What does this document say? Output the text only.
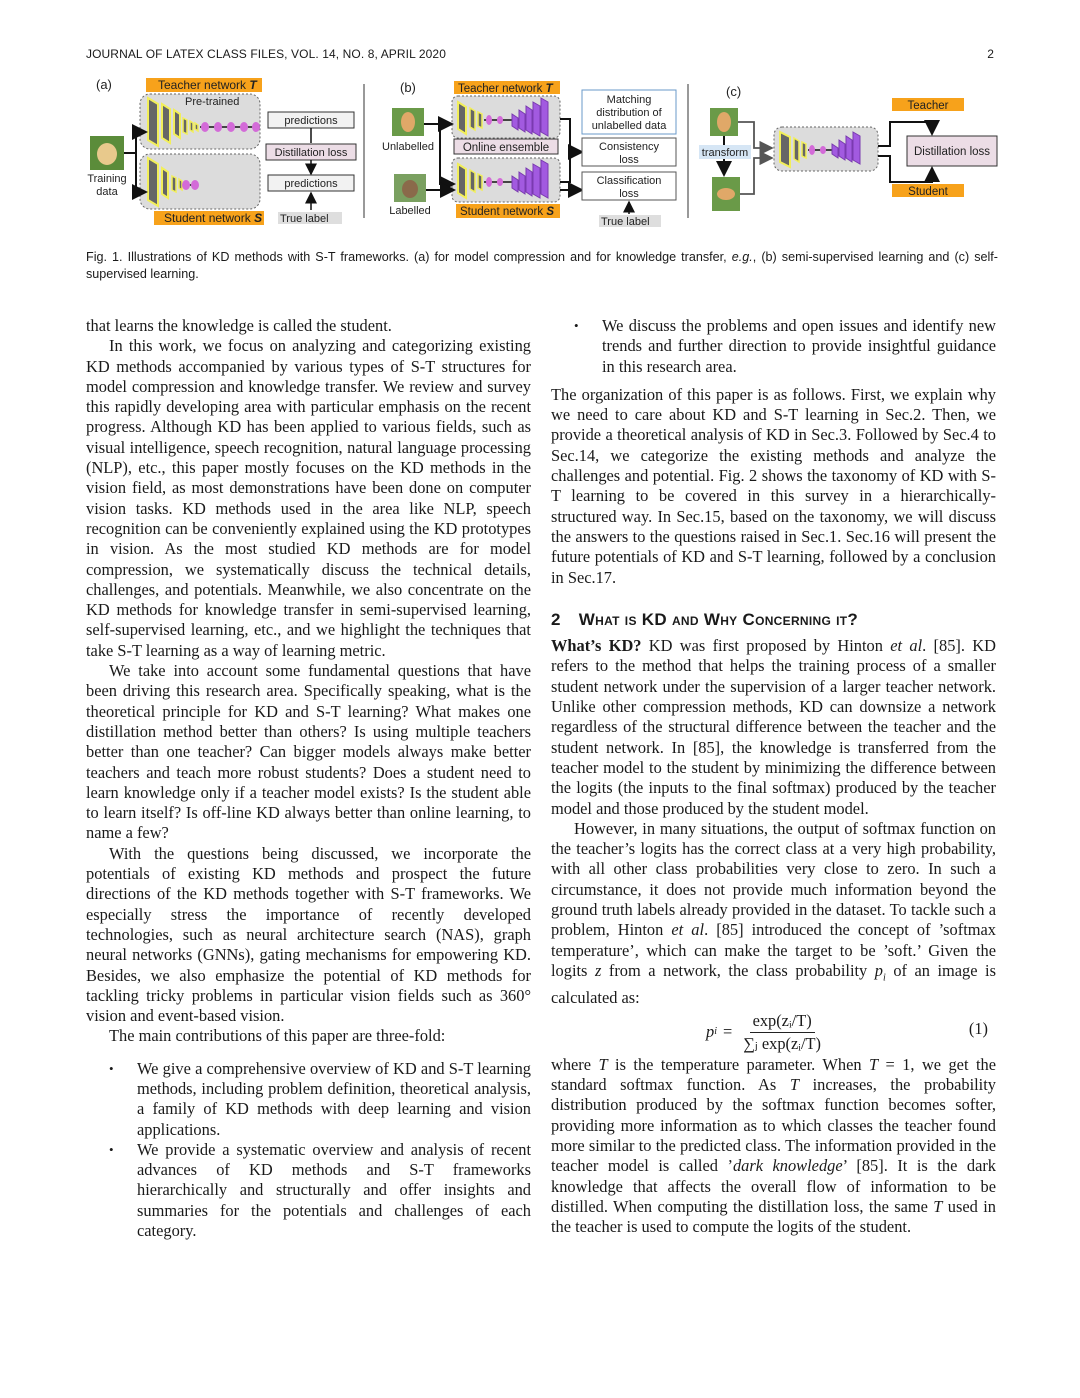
JOURNAL OF LATEX CLASS FILES, VOL. 14, NO. 8, APRIL 2020	2
(a)	Teacher network T
Pre-trained
Student network S
Training
data
predictions
Distillation loss
predictions
True label
(b)	Teacher network T
Online ensemble
Student network S
Unlabelled
Labelled
Matching
distribution of
unlabelled data
Consistency
loss
Classification
loss
True label
(c)
transform
Teacher
Distillation loss
Student
Fig. 1. Illustrations of KD methods with S-T frameworks. (a) for model compression and for knowledge transfer, e.g., (b) semi-supervised learning and (c) self-supervised learning.

that learns the knowledge is called the student.

In this work, we focus on analyzing and categorizing existing KD methods accompanied by various types of S-T structures for model compression and knowledge transfer. We review and survey this rapidly developing area with particular emphasis on the recent progress. Although KD has been applied to various fields, such as visual intelligence, speech recognition, natural language processing (NLP), etc., this paper mostly focuses on the KD methods in the vision field, as most demonstrations have been done on computer vision tasks. KD methods used in the area like NLP, speech recognition can be conveniently explained using the KD prototypes in vision. As the most studied KD methods are for model compression, we systematically discuss the technical details, challenges, and potentials. Meanwhile, we also concentrate on the KD methods for knowledge transfer in semi-supervised learning, self-supervised learning, etc., and we highlight the techniques that take S-T learning as a way of learning metric.

We take into account some fundamental questions that have been driving this research area. Specifically speaking, what is the theoretical principle for KD and S-T learning? What makes one distillation method better than others? Is using multiple teachers better than one teacher? Can bigger models always make better teachers and teach more robust students? Does a student need to learn knowledge only if a teacher model exists? Is the student able to learn itself? Is off-line KD always better than online learning, to name a few?

With the questions being discussed, we incorporate the potentials of existing KD methods and prospect the future directions of the KD methods together with S-T frameworks. We especially stress the importance of recently developed technologies, such as neural architecture search (NAS), graph neural networks (GNNs), gating mechanisms for empowering KD. Besides, we also emphasize the potential of KD methods for tackling tricky problems in particular vision fields such as 360° vision and event-based vision.

The main contributions of this paper are three-fold:

• We give a comprehensive overview of KD and S-T learning methods, including problem definition, theoretical analysis, a family of KD methods with deep learning and vision applications.
• We provide a systematic overview and analysis of recent advances of KD methods and S-T frameworks hierarchically and structurally and offer insights and summaries for the potentials and challenges of each category.
• We discuss the problems and open issues and identify new trends and further direction to provide insightful guidance in this research area.

The organization of this paper is as follows. First, we explain why we need to care about KD and S-T learning in Sec.2. Then, we provide a theoretical analysis of KD in Sec.3. Followed by Sec.4 to Sec.14, we categorize the existing methods and analyze the challenges and potential. Fig. 2 shows the taxonomy of KD with S-T learning to be covered in this survey in a hierarchically-structured way. In Sec.15, based on the taxonomy, we will discuss the answers to the questions raised in Sec.1. Sec.16 will present the future potentials of KD and S-T learning, followed by a conclusion in Sec.17.

2 What is KD and Why Concerning it?

What’s KD? KD was first proposed by Hinton et al. [85]. KD refers to the method that helps the training process of a smaller student network under the supervision of a larger teacher network. Unlike other compression methods, KD can downsize a network regardless of the structural difference between the teacher and the student network. In [85], the knowledge is transferred from the teacher model to the student by minimizing the difference between the logits (the inputs to the final softmax) produced by the teacher model and those produced by the student model.

However, in many situations, the output of softmax function on the teacher’s logits has the correct class at a very high probability, with all other class probabilities very close to zero. In such a circumstance, it does not provide much information beyond the ground truth labels already provided in the dataset. To tackle such a problem, Hinton et al. [85] introduced the concept of ’softmax temperature’, which can make the target to be ’soft.’ Given the logits z from a network, the class probability $p_i$ of an image is calculated as:

p $i = \frac{\text{exp(zᵢ/T)}}{\text{∑ⱼ exp(zᵢ/T)}}$	(1)

where T is the temperature parameter. When T = 1, we get the standard softmax function. As T increases, the probability distribution produced by the softmax function becomes softer, providing more information as to which classes the teacher found more similar to the predicted class. The information provided in the teacher model is called ’dark knowledge’ [85]. It is the dark knowledge that affects the overall flow of information to be distilled. When computing the distillation loss, the same T used in the teacher is used to compute the logits of the student.
